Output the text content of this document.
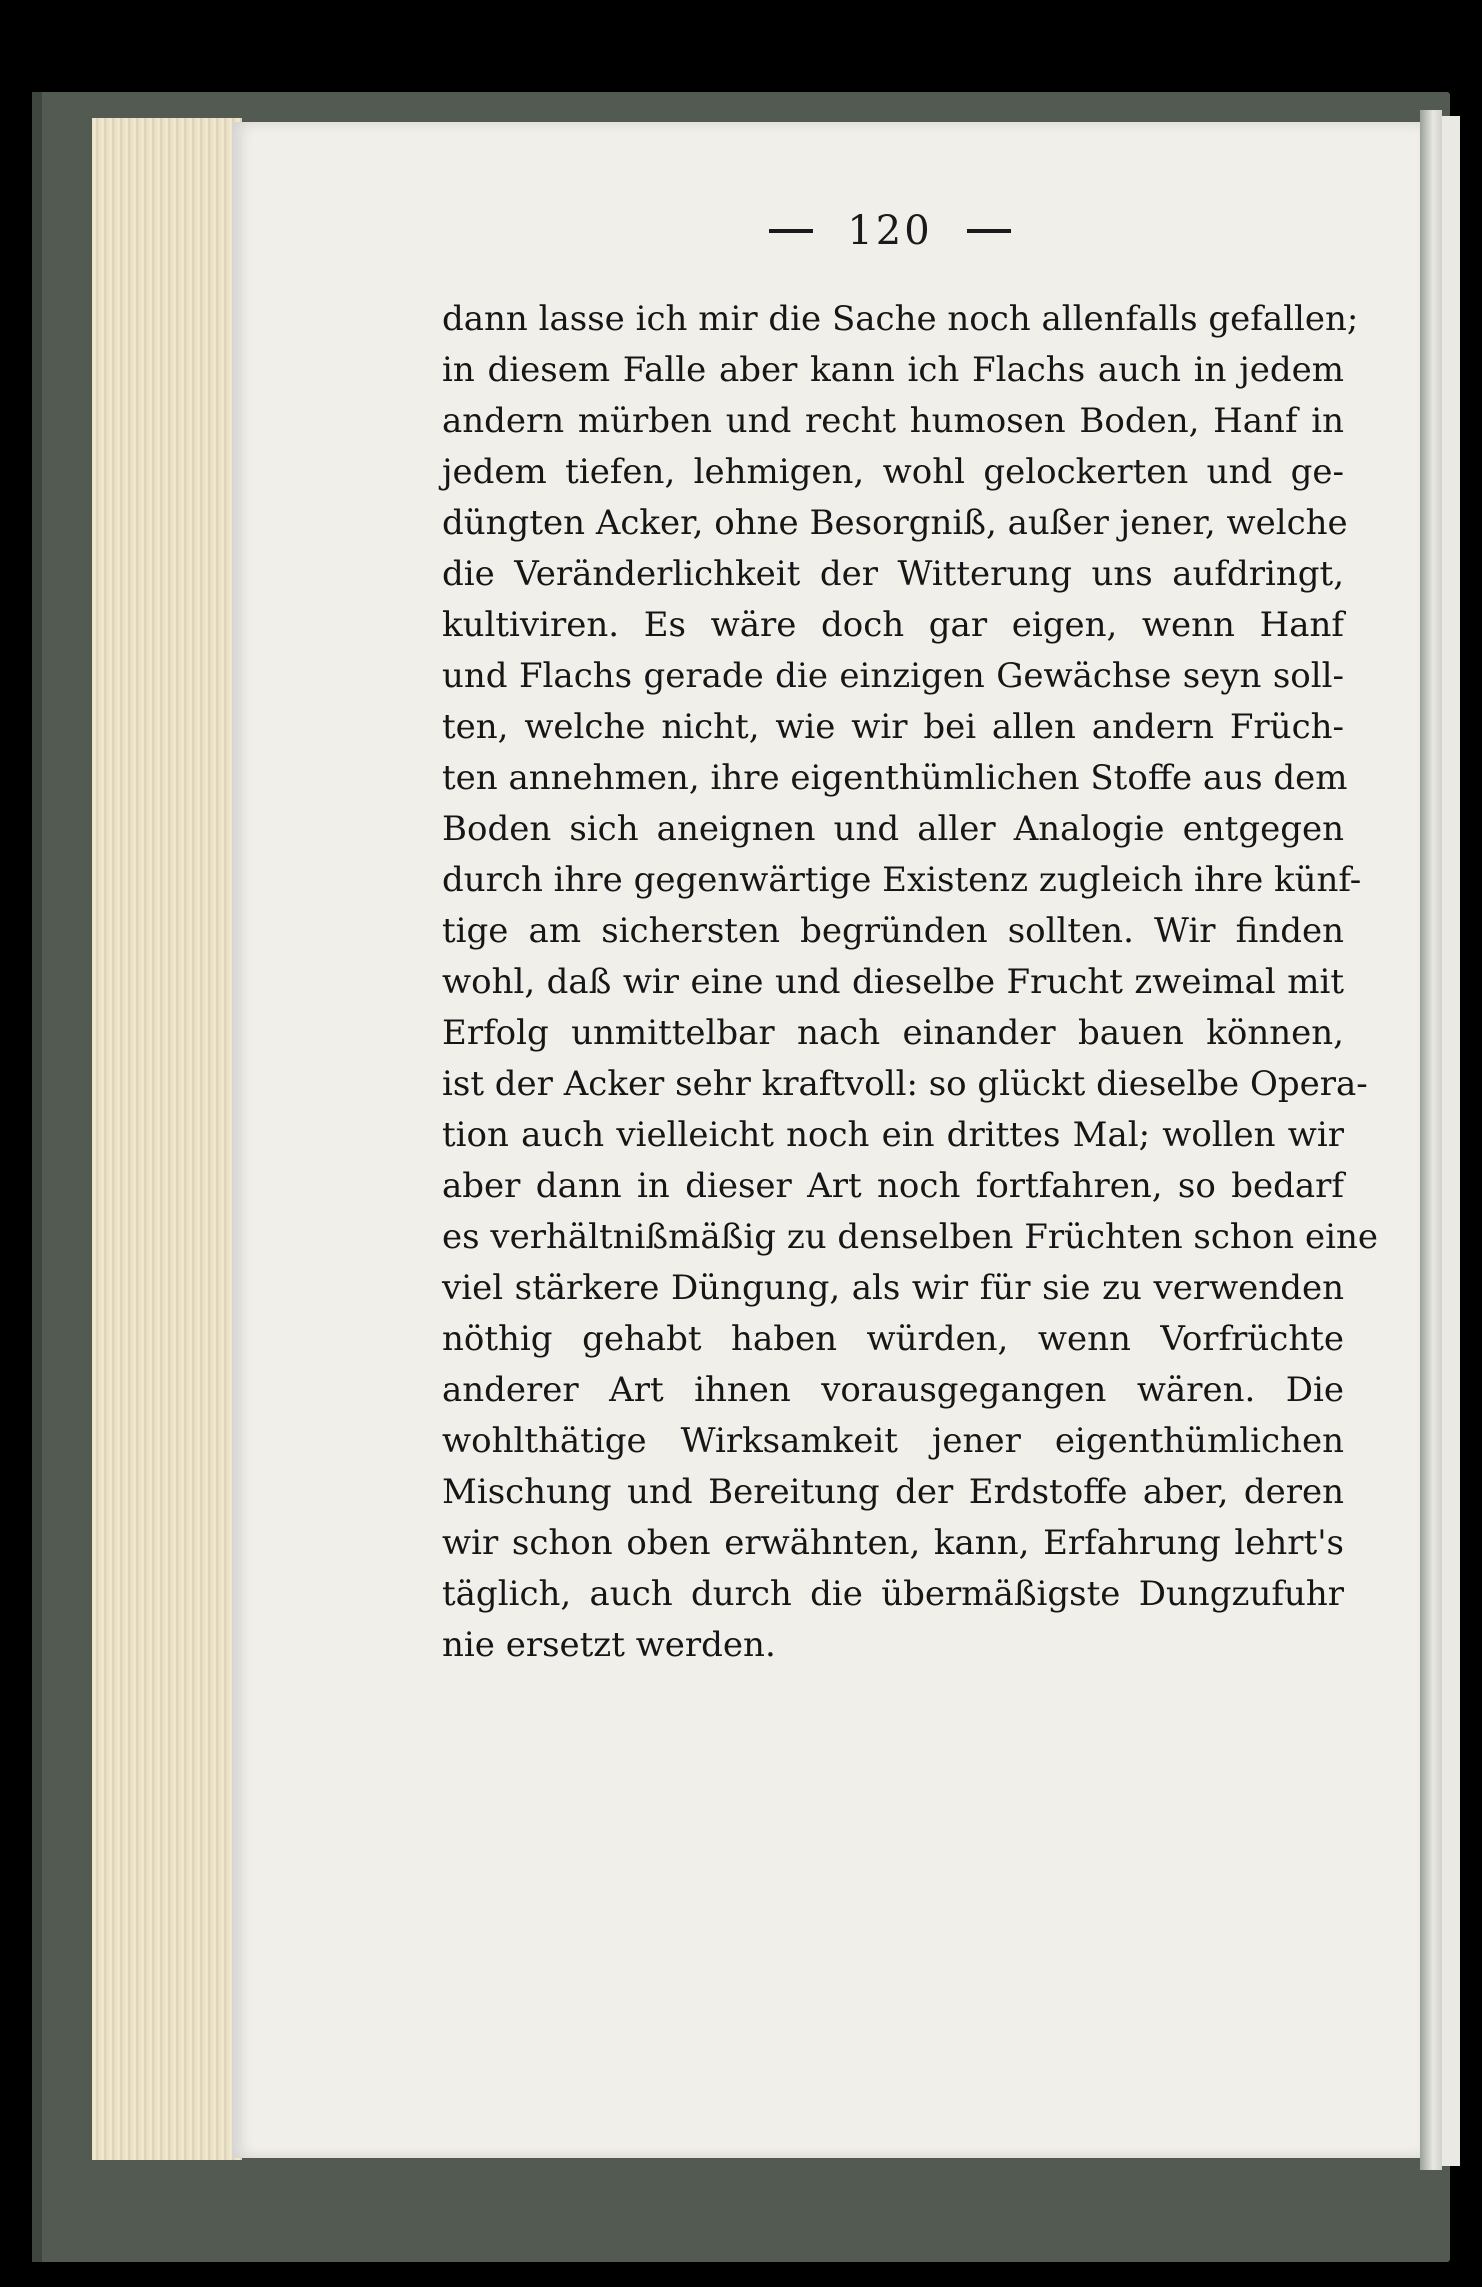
120
dann lasse ich mir die Sache noch allenfalls gefallen;
in diesem Falle aber kann ich Flachs auch in jedem
andern mürben und recht humosen Boden, Hanf in
jedem tiefen, lehmigen, wohl gelockerten und ge-
düngten Acker, ohne Besorgniß, außer jener, welche
die Veränderlichkeit der Witterung uns aufdringt,
kultiviren. Es wäre doch gar eigen, wenn Hanf
und Flachs gerade die einzigen Gewächse seyn soll-
ten, welche nicht, wie wir bei allen andern Früch-
ten annehmen, ihre eigenthümlichen Stoffe aus dem
Boden sich aneignen und aller Analogie entgegen
durch ihre gegenwärtige Existenz zugleich ihre künf-
tige am sichersten begründen sollten. Wir finden
wohl, daß wir eine und dieselbe Frucht zweimal mit
Erfolg unmittelbar nach einander bauen können,
ist der Acker sehr kraftvoll: so glückt dieselbe Opera-
tion auch vielleicht noch ein drittes Mal; wollen wir
aber dann in dieser Art noch fortfahren, so bedarf
es verhältnißmäßig zu denselben Früchten schon eine
viel stärkere Düngung, als wir für sie zu verwenden
nöthig gehabt haben würden, wenn Vorfrüchte
anderer Art ihnen vorausgegangen wären. Die
wohlthätige Wirksamkeit jener eigenthümlichen
Mischung und Bereitung der Erdstoffe aber, deren
wir schon oben erwähnten, kann, Erfahrung lehrt's
täglich, auch durch die übermäßigste Dungzufuhr
nie ersetzt werden.
